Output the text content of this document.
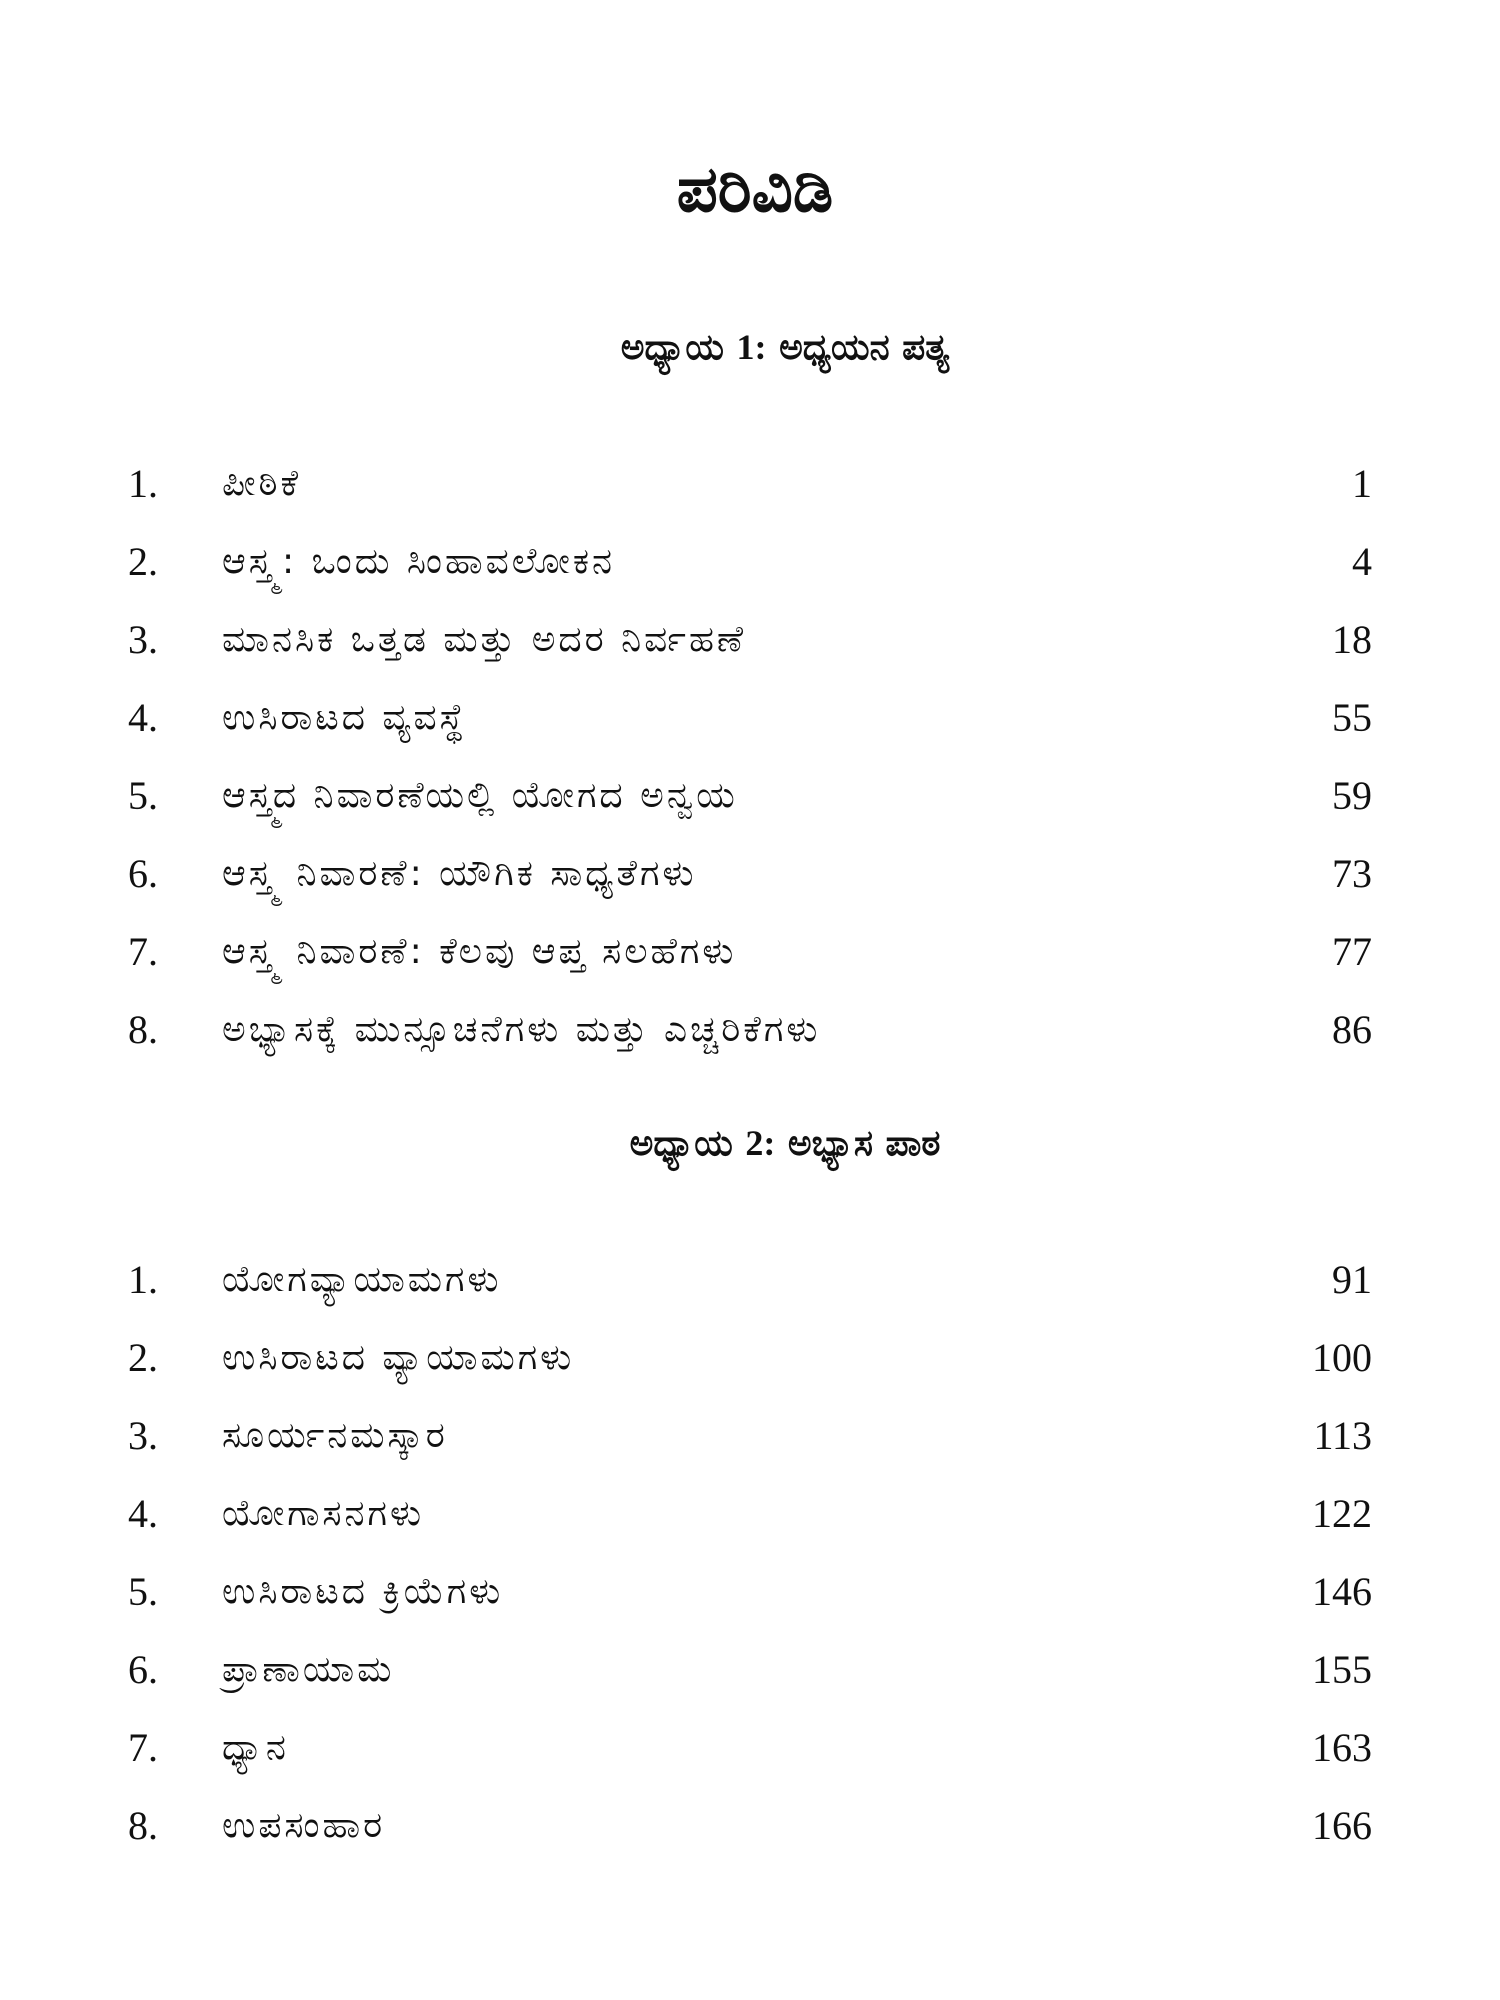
ಪರಿವಿಡಿ
ಅಧ್ಯಾಯ 1: ಅಧ್ಯಯನ ಪತ್ಯ
1. ಪೀಠಿಕೆ	1
2. ಆಸ್ತ್ಮ: ಒಂದು ಸಿಂಹಾವಲೋಕನ	4
3. ಮಾನಸಿಕ ಒತ್ತಡ ಮತ್ತು ಅದರ ನಿರ್ವಹಣೆ	18
4. ಉಸಿರಾಟದ ವ್ಯವಸ್ಥೆ	55
5. ಆಸ್ತ್ಮದ ನಿವಾರಣೆಯಲ್ಲಿ ಯೋಗದ ಅನ್ವಯ	59
6. ಆಸ್ತ್ಮ ನಿವಾರಣೆ: ಯೌಗಿಕ ಸಾಧ್ಯತೆಗಳು	73
7. ಆಸ್ತ್ಮ ನಿವಾರಣೆ: ಕೆಲವು ಆಪ್ತ ಸಲಹೆಗಳು	77
8. ಅಭ್ಯಾಸಕ್ಕೆ ಮುನ್ಸೂಚನೆಗಳು ಮತ್ತು ಎಚ್ಚರಿಕೆಗಳು	86
ಅಧ್ಯಾಯ 2: ಅಭ್ಯಾಸ ಪಾಠ
1. ಯೋಗವ್ಯಾಯಾಮಗಳು	91
2. ಉಸಿರಾಟದ ವ್ಯಾಯಾಮಗಳು	100
3. ಸೂರ್ಯನಮಸ್ಕಾರ	113
4. ಯೋಗಾಸನಗಳು	122
5. ಉಸಿರಾಟದ ಕ್ರಿಯೆಗಳು	146
6. ಪ್ರಾಣಾಯಾಮ	155
7. ಧ್ಯಾನ	163
8. ಉಪಸಂಹಾರ	166
